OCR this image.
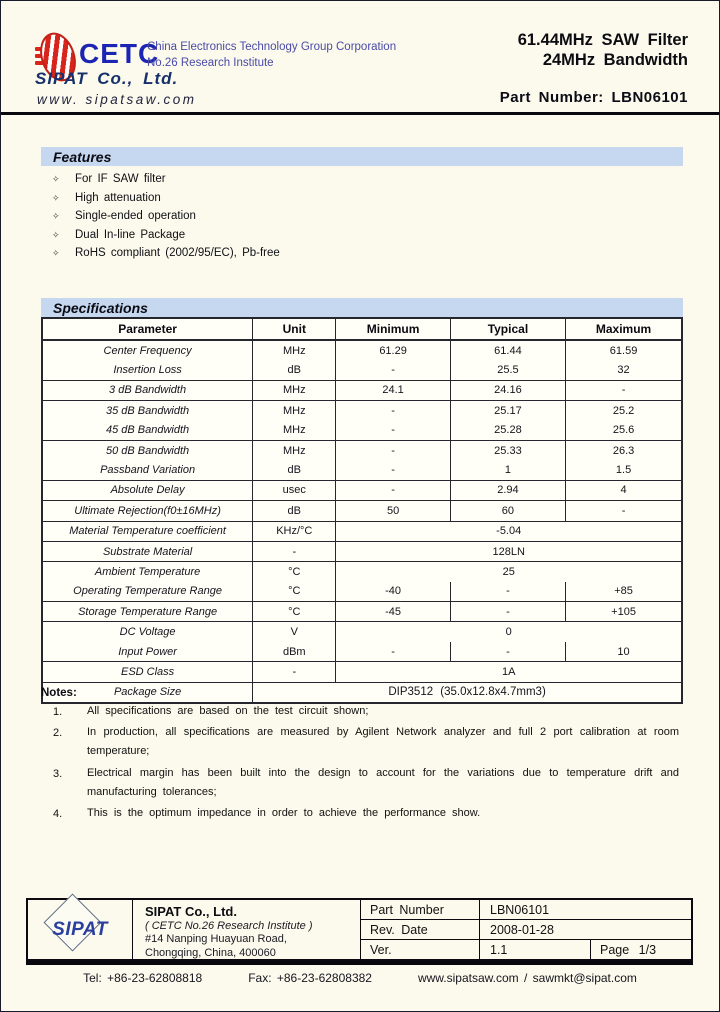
CETC
China Electronics Technology Group Corporation
No.26 Research Institute
SIPAT Co., Ltd.
www. sipatsaw.com
61.44MHz SAW Filter
24MHz Bandwidth
Part Number: LBN06101
Features
✧	For IF SAW filter
✧	High attenuation
✧	Single-ended operation
✧	Dual In-line Package
✧	RoHS compliant (2002/95/EC), Pb-free
Specifications
Parameter	Unit	Minimum	Typical	Maximum
Center Frequency	MHz	61.29	61.44	61.59
Insertion Loss	dB	-	25.5	32
3 dB Bandwidth	MHz	24.1	24.16	-
35 dB Bandwidth	MHz	-	25.17	25.2
45 dB Bandwidth	MHz	-	25.28	25.6
50 dB Bandwidth	MHz	-	25.33	26.3
Passband Variation	dB	-	1	1.5
Absolute Delay	usec	-	2.94	4
Ultimate Rejection(f0±16MHz)	dB	50	60	-
Material Temperature coefficient	KHz/°C	-5.04		
Substrate Material	-	128LN		
Ambient Temperature	°C	25		
Operating Temperature Range	°C	-40	-	+85
Storage Temperature Range	°C	-45	-	+105
DC Voltage	V	0		
Input Power	dBm	-	-	10
ESD Class	-	1A		
Package Size	DIP3512 (35.0x12.8x4.7mm3)			
Notes:
1.	All specifications are based on the test circuit shown;
2.	In production, all specifications are measured by Agilent Network analyzer and full 2 port calibration at room temperature;
3.	Electrical margin has been built into the design to account for the variations due to temperature drift and manufacturing tolerances;
4.	This is the optimum impedance in order to achieve the performance show.
SIPAT
SIPAT Co., Ltd.
( CETC No.26 Research Institute )
#14 Nanping Huayuan Road,
Chongqing, China, 400060
Part Number	LBN06101
Rev. Date	2008-01-28
Ver.	1.1	Page 1/3
Tel: +86-23-62808818	Fax: +86-23-62808382	www.sipatsaw.com / sawmkt@sipat.com
